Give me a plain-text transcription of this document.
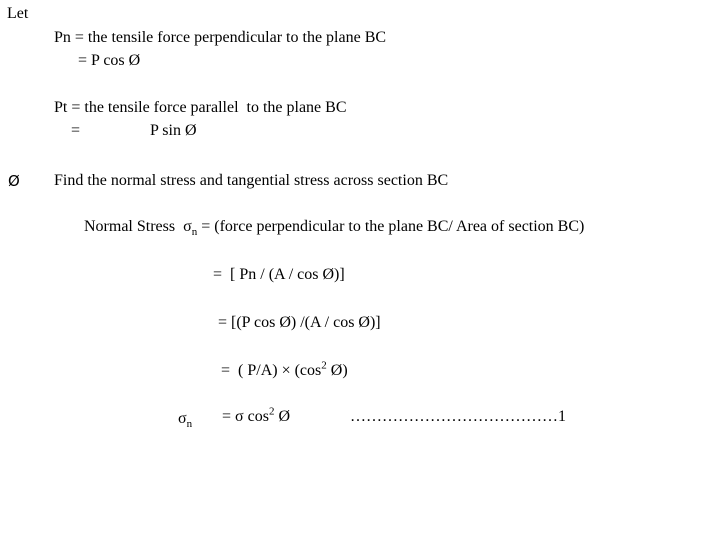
Let
Pn = the tensile force perpendicular to the plane BC
= P cos Ø
Pt = the tensile force parallel  to the plane BC
=	P sin Ø
Ø Find the normal stress and tangential stress across section BC
Normal Stress  $\sigma_n$ = (force perpendicular to the plane BC/ Area of section BC)
=  [ Pn / (A / cos Ø)]
= [(P cos Ø) /(A / cos Ø)]
=  ( $P/A) \times (\cos^2$ Ø)
$\sigma_n = \sigma$ $\cos^2$ Ø	…………………………………1
